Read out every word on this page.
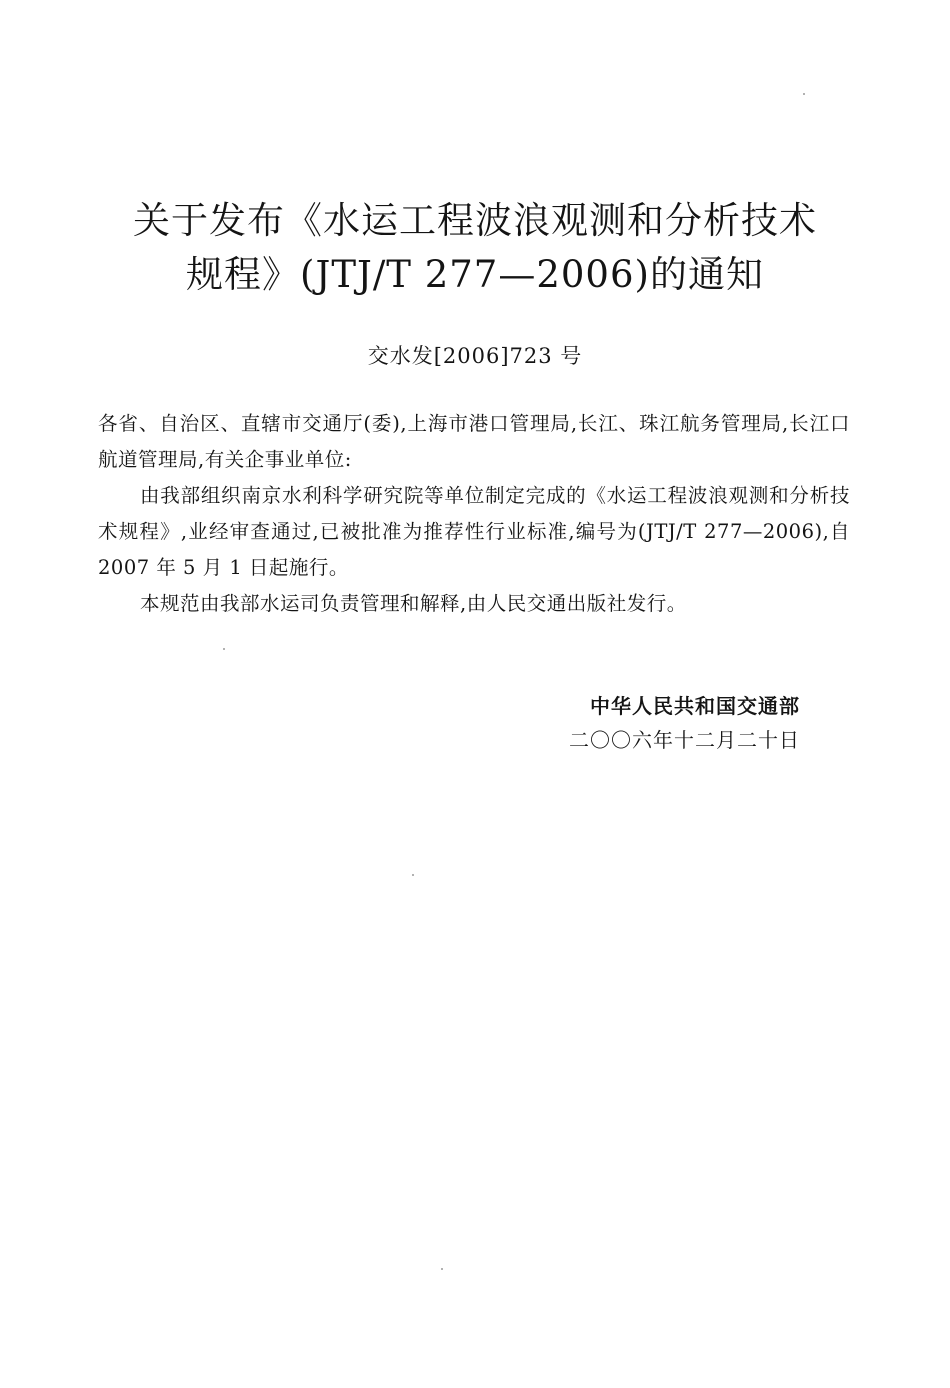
关于发布《水运工程波浪观测和分析技术
规程》(JTJ/T 277—2006)的通知
交水发[2006]723 号

各省、自治区、直辖市交通厅(委),上海市港口管理局,长江、珠江航务管理局,长江口航道管理局,有关企事业单位:

由我部组织南京水利科学研究院等单位制定完成的《水运工程波浪观测和分析技术规程》,业经审查通过,已被批准为推荐性行业标准,编号为(JTJ/T 277—2006),自 2007 年 5 月 1 日起施行。

本规范由我部水运司负责管理和解释,由人民交通出版社发行。

中华人民共和国交通部
二〇〇六年十二月二十日
